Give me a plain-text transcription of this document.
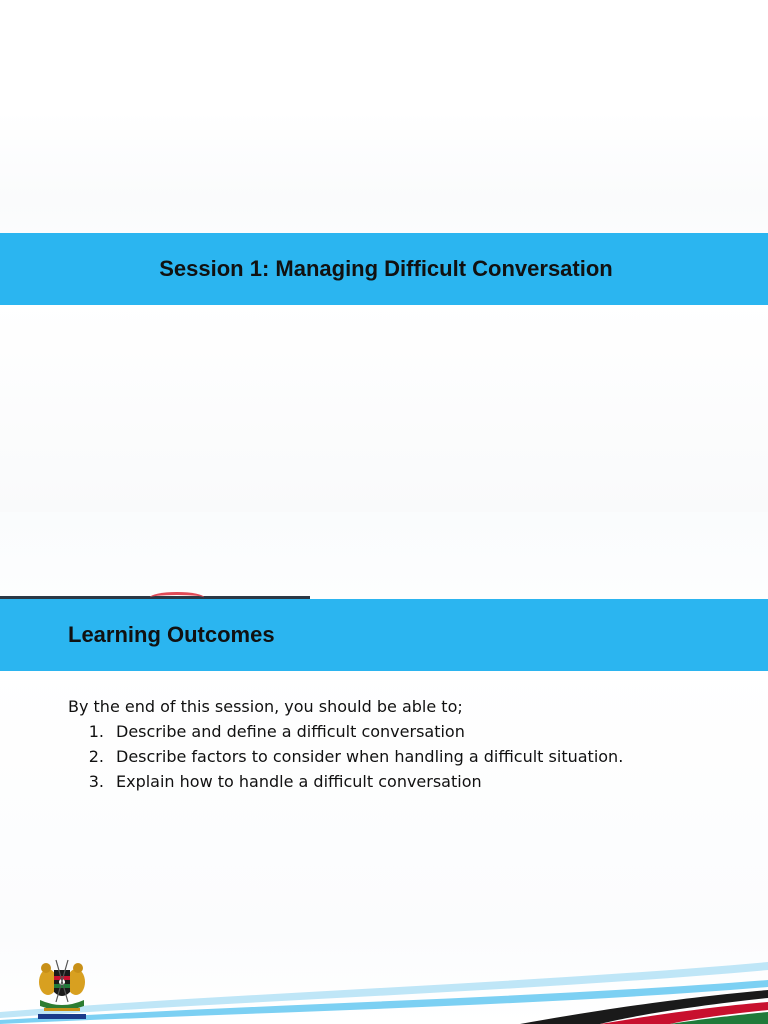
Session 1: Managing Difficult Conversation
Learning Outcomes

By the end of this session, you should be able to;

1. Describe and define a difficult conversation
2. Describe factors to consider when handling a difficult situation.
3. Explain how to handle a difficult conversation
